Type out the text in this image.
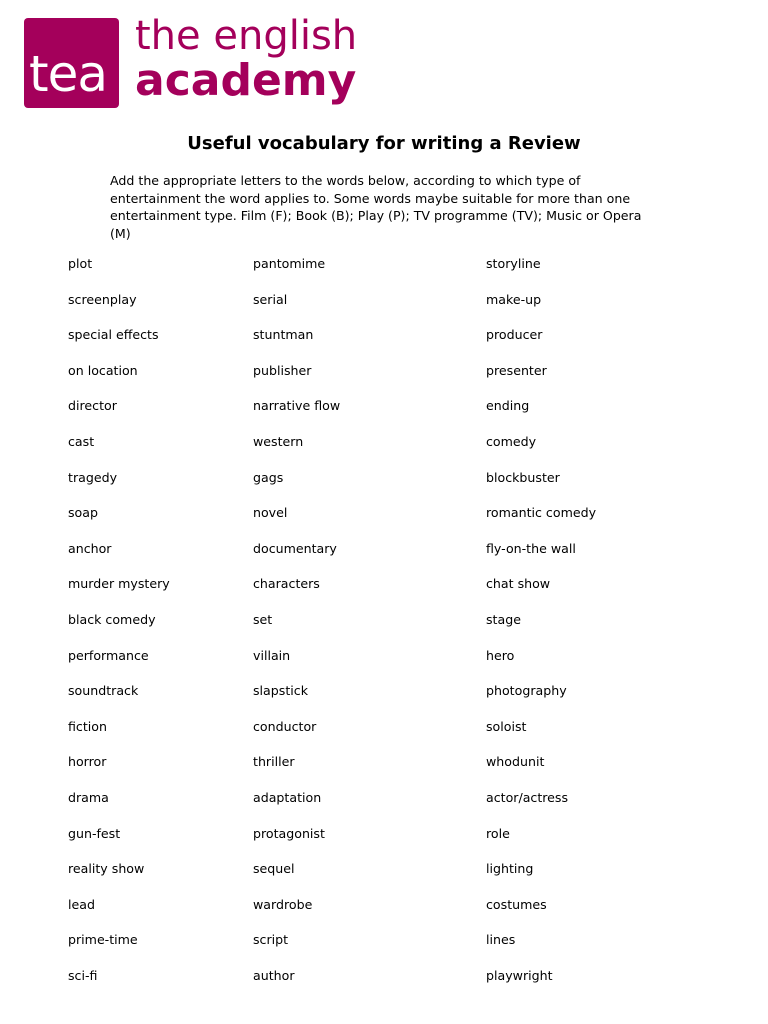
tea
the english
academy
Useful vocabulary for writing a Review
Add the appropriate letters to the words below, according to which type of entertainment the word applies to. Some words maybe suitable for more than one entertainment type. Film (F); Book (B); Play (P); TV programme (TV); Music or Opera (M)
plot	pantomime	storyline
screenplay	serial	make-up
special effects	stuntman	producer
on location	publisher	presenter
director	narrative flow	ending
cast	western	comedy
tragedy	gags	blockbuster
soap	novel	romantic comedy
anchor	documentary	fly-on-the wall
murder mystery	characters	chat show
black comedy	set	stage
performance	villain	hero
soundtrack	slapstick	photography
fiction	conductor	soloist
horror	thriller	whodunit
drama	adaptation	actor/actress
gun-fest	protagonist	role
reality show	sequel	lighting
lead	wardrobe	costumes
prime-time	script	lines
sci-fi	author	playwright
